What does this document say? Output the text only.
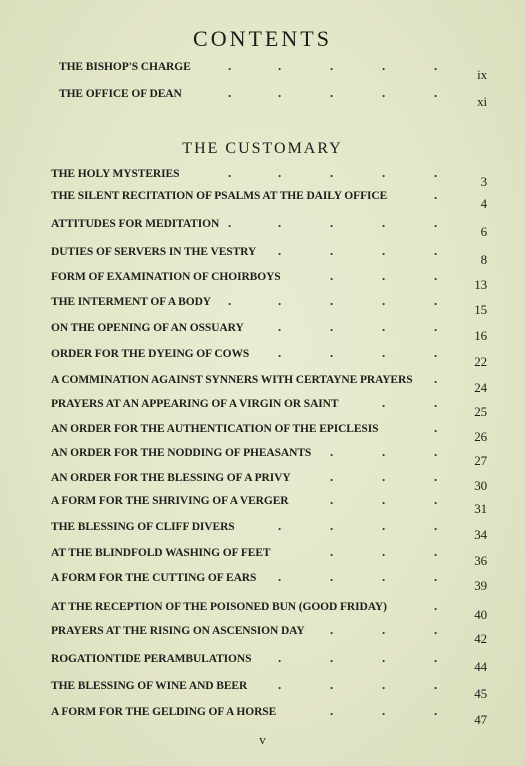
CONTENTS
THE BISHOP'S CHARGE	.	.	.	.	.
ix
THE OFFICE OF DEAN	.	.	.	.	.
xi
THE CUSTOMARY
THE HOLY MYSTERIES	.	.	.	.	.
3
THE SILENT RECITATION OF PSALMS AT THE DAILY OFFICE	.
4
ATTITUDES FOR MEDITATION .	.	.	.	.
6
DUTIES OF SERVERS IN THE VESTRY .	.	.	.
8
FORM OF EXAMINATION OF CHOIRBOYS	.	.	.
13
THE INTERMENT OF A BODY .	.	.	.	.
15
ON THE OPENING OF AN OSSUARY	.	.	.	.
16
ORDER FOR THE DYEING OF COWS .	.	.	.
22
A COMMINATION AGAINST SYNNERS WITH CERTAYNE PRAYERS .
24
PRAYERS AT AN APPEARING OF A VIRGIN OR SAINT	.	.
25
AN ORDER FOR THE AUTHENTICATION OF THE EPICLESIS	.
26
AN ORDER FOR THE NODDING OF PHEASANTS .	.	.
27
AN ORDER FOR THE BLESSING OF A PRIVY	.	.	.
30
A FORM FOR THE SHRIVING OF A VERGER	.	.	.
31
THE BLESSING OF CLIFF DIVERS	.	.	.	.
34
AT THE BLINDFOLD WASHING OF FEET	.	.	.
36
A FORM FOR THE CUTTING OF EARS .	.	.	.
39
AT THE RECEPTION OF THE POISONED BUN (GOOD FRIDAY)	.
40
PRAYERS AT THE RISING ON ASCENSION DAY .	.	.
42
ROGATIONTIDE PERAMBULATIONS .	.	.	.
44
THE BLESSING OF WINE AND BEER .	.	.	.
45
A FORM FOR THE GELDING OF A HORSE	.	.	.
47
v
